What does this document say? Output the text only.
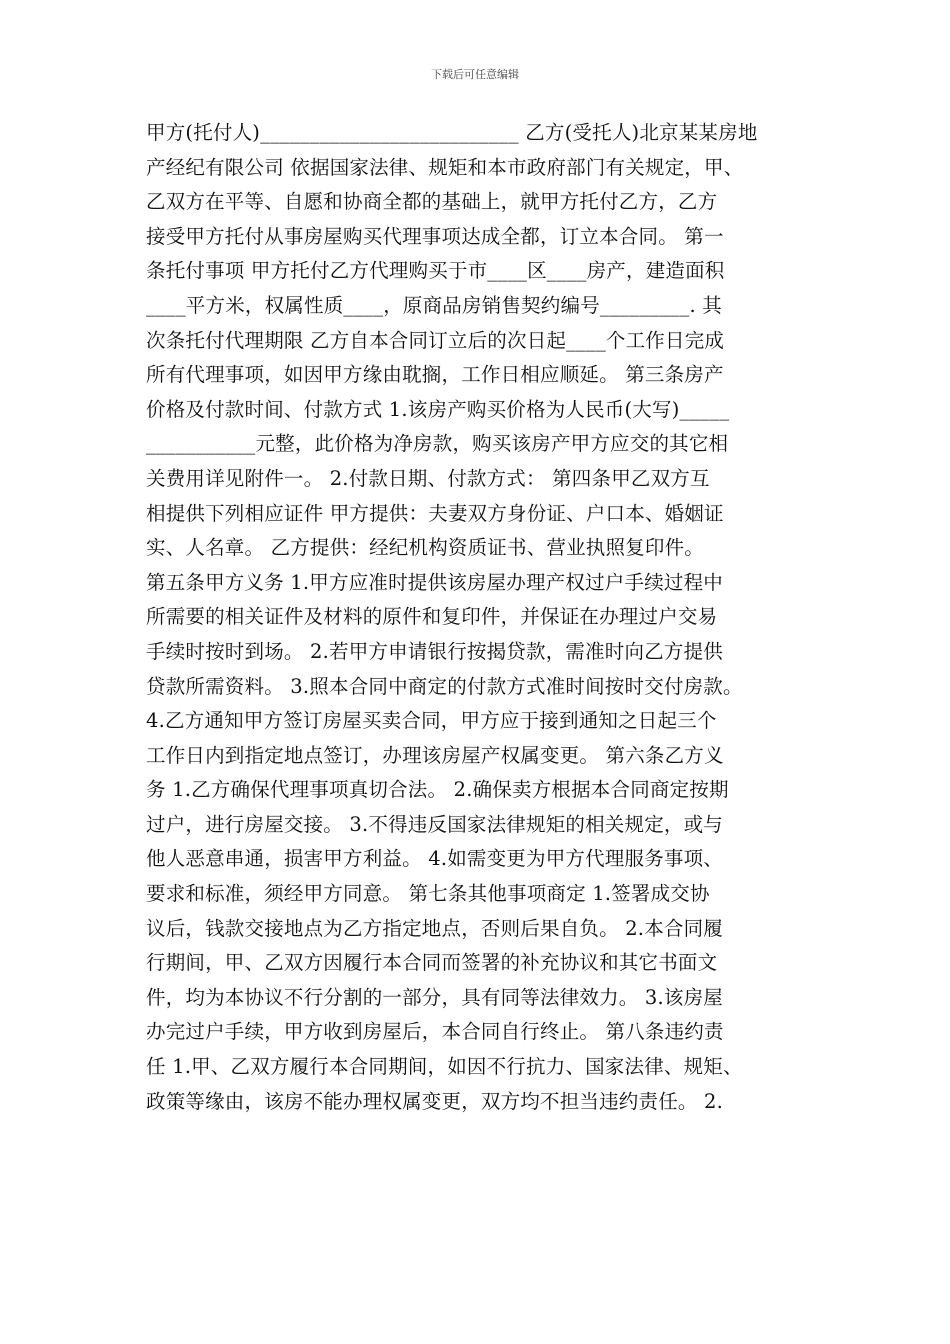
下载后可任意编辑
甲方(托付人)__________________________ 乙方(受托人)北京某某房地
产经纪有限公司 依据国家法律、规矩和本市政府部门有关规定，甲、
乙双方在平等、自愿和协商全都的基础上，就甲方托付乙方，乙方
接受甲方托付从事房屋购买代理事项达成全都，订立本合同。 第一
条托付事项 甲方托付乙方代理购买于市____区____房产，建造面积
____平方米，权属性质____，原商品房销售契约编号_________. 其
次条托付代理期限 乙方自本合同订立后的次日起____个工作日完成
所有代理事项，如因甲方缘由耽搁，工作日相应顺延。 第三条房产
价格及付款时间、付款方式 1.该房产购买价格为人民币(大写)_____
___________元整，此价格为净房款，购买该房产甲方应交的其它相
关费用详见附件一。 2.付款日期、付款方式： 第四条甲乙双方互
相提供下列相应证件 甲方提供：夫妻双方身份证、户口本、婚姻证
实、人名章。 乙方提供：经纪机构资质证书、营业执照复印件。
第五条甲方义务 1.甲方应准时提供该房屋办理产权过户手续过程中
所需要的相关证件及材料的原件和复印件，并保证在办理过户交易
手续时按时到场。 2.若甲方申请银行按揭贷款，需准时向乙方提供
贷款所需资料。 3.照本合同中商定的付款方式准时间按时交付房款。
4.乙方通知甲方签订房屋买卖合同，甲方应于接到通知之日起三个
工作日内到指定地点签订，办理该房屋产权属变更。 第六条乙方义
务 1.乙方确保代理事项真切合法。 2.确保卖方根据本合同商定按期
过户，进行房屋交接。 3.不得违反国家法律规矩的相关规定，或与
他人恶意串通，损害甲方利益。 4.如需变更为甲方代理服务事项、
要求和标准，须经甲方同意。 第七条其他事项商定 1.签署成交协
议后，钱款交接地点为乙方指定地点，否则后果自负。 2.本合同履
行期间，甲、乙双方因履行本合同而签署的补充协议和其它书面文
件，均为本协议不行分割的一部分，具有同等法律效力。 3.该房屋
办完过户手续，甲方收到房屋后，本合同自行终止。 第八条违约责
任 1.甲、乙双方履行本合同期间，如因不行抗力、国家法律、规矩、
政策等缘由，该房不能办理权属变更，双方均不担当违约责任。 2.
